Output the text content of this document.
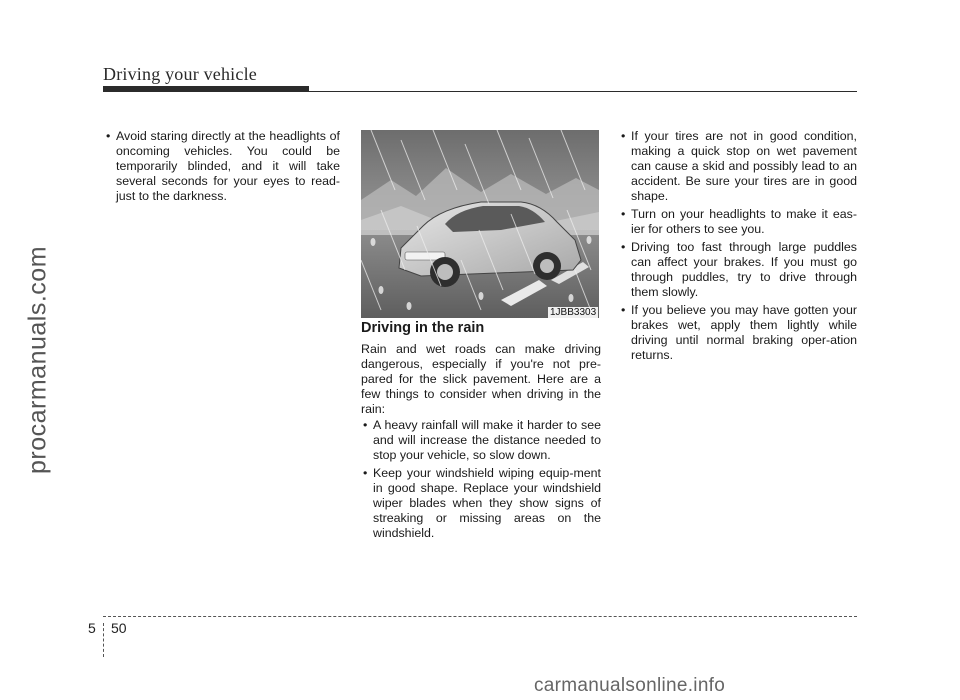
Driving your vehicle
procarmanuals.com

• Avoid staring directly at the headlights of oncoming vehicles. You could be temporarily blinded, and it will take several seconds for your eyes to read-just to the darkness.

1JBB3303
Driving in the rain

Rain and wet roads can make driving dangerous, especially if you're not pre-pared for the slick pavement. Here are a few things to consider when driving in the rain:

• A heavy rainfall will make it harder to see and will increase the distance needed to stop your vehicle, so slow down.

• Keep your windshield wiping equip-ment in good shape. Replace your windshield wiper blades when they show signs of streaking or missing areas on the windshield.

• If your tires are not in good condition, making a quick stop on wet pavement can cause a skid and possibly lead to an accident. Be sure your tires are in good shape.

• Turn on your headlights to make it eas-ier for others to see you.

• Driving too fast through large puddles can affect your brakes. If you must go through puddles, try to drive through them slowly.

• If you believe you may have gotten your brakes wet, apply them lightly while driving until normal braking oper-ation returns.

5 50
carmanualsonline.info
